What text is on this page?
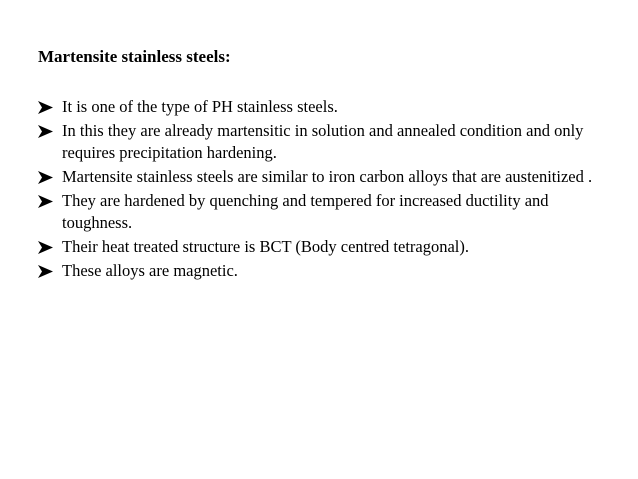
Martensite stainless steels:
It is one of the type of PH stainless steels.
In this they are already martensitic in solution and annealed condition and only requires precipitation hardening.
Martensite stainless steels are similar to iron carbon alloys that are austenitized .
They are hardened by quenching and tempered for increased ductility and toughness.
Their heat treated structure is BCT (Body centred tetragonal).
These alloys are magnetic.
